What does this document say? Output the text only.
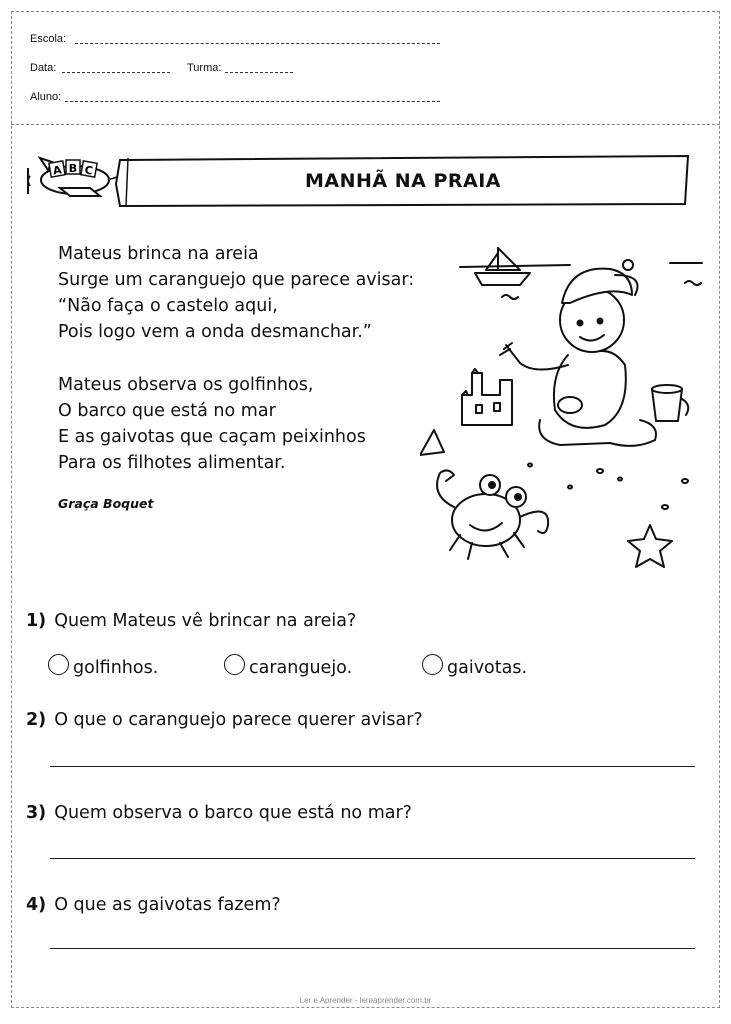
Escola:
Data:	Turma:
Aluno:
A B C	MANHÃ NA PRAIA
Mateus brinca na areia
Surge um caranguejo que parece avisar:
“Não faça o castelo aqui,
Pois logo vem a onda desmanchar.”
Mateus observa os golfinhos,
O barco que está no mar
E as gaivotas que caçam peixinhos
Para os filhotes alimentar.
Graça Boquet
1) Quem Mateus vê brincar na areia?
golfinhos.	caranguejo.	gaivotas.
2) O que o caranguejo parece querer avisar?
3) Quem observa o barco que está no mar?
4) O que as gaivotas fazem?
Ler e Aprender - lereaprender.com.br
